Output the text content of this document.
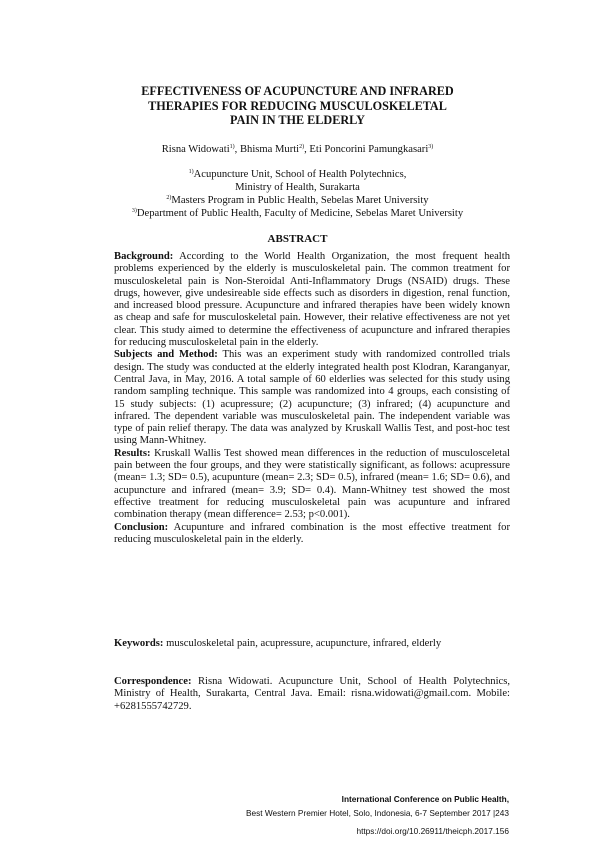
EFFECTIVENESS OF ACUPUNCTURE AND INFRARED
THERAPIES FOR REDUCING MUSCULOSKELETAL
PAIN IN THE ELDERLY
Risna Widowati$^{1)}$, Bhisma Murti$^{2)}$, Eti Poncorini Pamungkasari$^{3)}$
$^{1)}$Acupuncture Unit, School of Health Polytechnics,
Ministry of Health, Surakarta
$^{2)}$Masters Program in Public Health, Sebelas Maret University
$^{3)}$Department of Public Health, Faculty of Medicine, Sebelas Maret University
ABSTRACT

Background: According to the World Health Organization, the most frequent health problems experienced by the elderly is musculoskeletal pain. The common treatment for musculoskeletal pain is Non-Steroidal Anti-Inflammatory Drugs (NSAID) drugs. These drugs, however, give undesireable side effects such as disorders in digestion, renal function, and increased blood pressure. Acupuncture and infrared therapies have been widely known as cheap and safe for musculoskeletal pain. However, their relative effectiveness are not yet clear. This study aimed to determine the effectiveness of acupuncture and infrared therapies for reducing musculoskeletal pain in the elderly.

Subjects and Method: This was an experiment study with randomized controlled trials design. The study was conducted at the elderly integrated health post Klodran, Karanganyar, Central Java, in May, 2016. A total sample of 60 elderlies was selected for this study using random sampling technique. This sample was randomized into 4 groups, each consisting of 15 study subjects: (1) acupressure; (2) acupuncture; (3) infrared; (4) acupuncture and infrared. The dependent variable was musculoskeletal pain. The independent variable was type of pain relief therapy. The data was analyzed by Kruskall Wallis Test, and post-hoc test using Mann-Whitney.

Results: Kruskall Wallis Test showed mean differences in the reduction of musculosceletal pain between the four groups, and they were statistically significant, as follows: acupressure (mean= 1.3; SD= 0.5), acupunture (mean= 2.3; SD= 0.5), infrared (mean= 1.6; SD= 0.6), and acupuncture and infrared (mean= 3.9; SD= 0.4). Mann-Whitney test showed the most effective treatment for reducing musculoskeletal pain was acupunture and infrared combination therapy (mean difference= 2.53; p<0.001).

Conclusion: Acupunture and infrared combination is the most effective treatment for reducing musculoskeletal pain in the elderly.

Keywords: musculoskeletal pain, acupressure, acupuncture, infrared, elderly

Correspondence: Risna Widowati. Acupuncture Unit, School of Health Polytechnics, Ministry of Health, Surakarta, Central Java. Email: risna.widowati@gmail.com. Mobile: +6281555742729.

International Conference on Public Health,
Best Western Premier Hotel, Solo, Indonesia, 6-7 September 2017 |243
https://doi.org/10.26911/theicph.2017.156
